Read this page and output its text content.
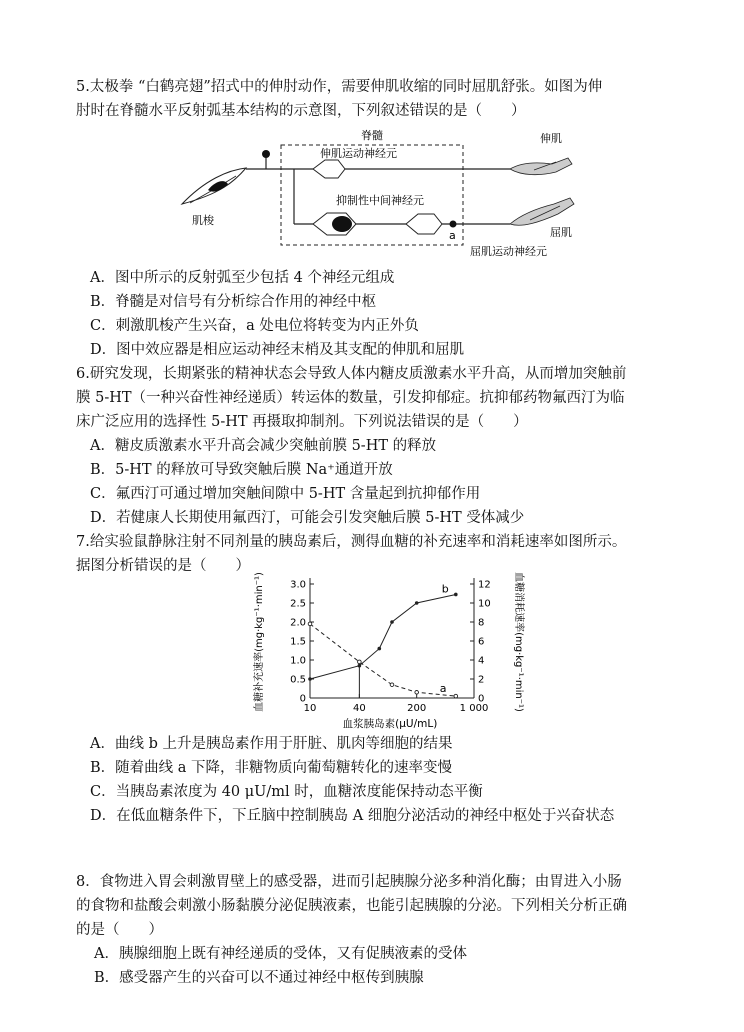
5.太极拳 “白鹤亮翅”招式中的伸肘动作，需要伸肌收缩的同时屈肌舒张。如图为伸
肘时在脊髓水平反射弧基本结构的示意图，下列叙述错误的是（　　）
脊髓
肌梭
伸肌运动神经元
抑制性中间神经元
a
屈肌运动神经元
伸肌
屈肌
A．图中所示的反射弧至少包括 4 个神经元组成
B．脊髓是对信号有分析综合作用的神经中枢
C．刺激肌梭产生兴奋，a 处电位将转变为内正外负
D．图中效应器是相应运动神经末梢及其支配的伸肌和屈肌
6.研究发现，长期紧张的精神状态会导致人体内糖皮质激素水平升高，从而增加突触前
膜 5-HT（一种兴奋性神经递质）转运体的数量，引发抑郁症。抗抑郁药物氟西汀为临
床广泛应用的选择性 5-HT 再摄取抑制剂。下列说法错误的是（　　）
A．糖皮质激素水平升高会减少突触前膜 5-HT 的释放
B．5-HT 的释放可导致突触后膜 Na⁺通道开放
C．氟西汀可通过增加突触间隙中 5-HT 含量起到抗抑郁作用
D．若健康人长期使用氟西汀，可能会引发突触后膜 5-HT 受体减少
7.给实验鼠静脉注射不同剂量的胰岛素后，测得血糖的补充速率和消耗速率如图所示。
据图分析错误的是（　　）
0
0.5
1.0
1.5
2.0
2.5
3.0
0
2
4
6
8
10
12
10	40	200	1 000
a
b
血糖补充速率(mg·kg⁻¹·min⁻¹)	血糖消耗速率(mg·kg⁻¹·min⁻¹)
血浆胰岛素(μU/mL)
A．曲线 b 上升是胰岛素作用于肝脏、肌肉等细胞的结果
B．随着曲线 a 下降，非糖物质向葡萄糖转化的速率变慢
C．当胰岛素浓度为 40 μU/ml 时，血糖浓度能保持动态平衡
D．在低血糖条件下，下丘脑中控制胰岛 A 细胞分泌活动的神经中枢处于兴奋状态
8．食物进入胃会刺激胃壁上的感受器，进而引起胰腺分泌多种消化酶；由胃进入小肠
的食物和盐酸会刺激小肠黏膜分泌促胰液素，也能引起胰腺的分泌。下列相关分析正确
的是（　　）
A．胰腺细胞上既有神经递质的受体，又有促胰液素的受体
B．感受器产生的兴奋可以不通过神经中枢传到胰腺
